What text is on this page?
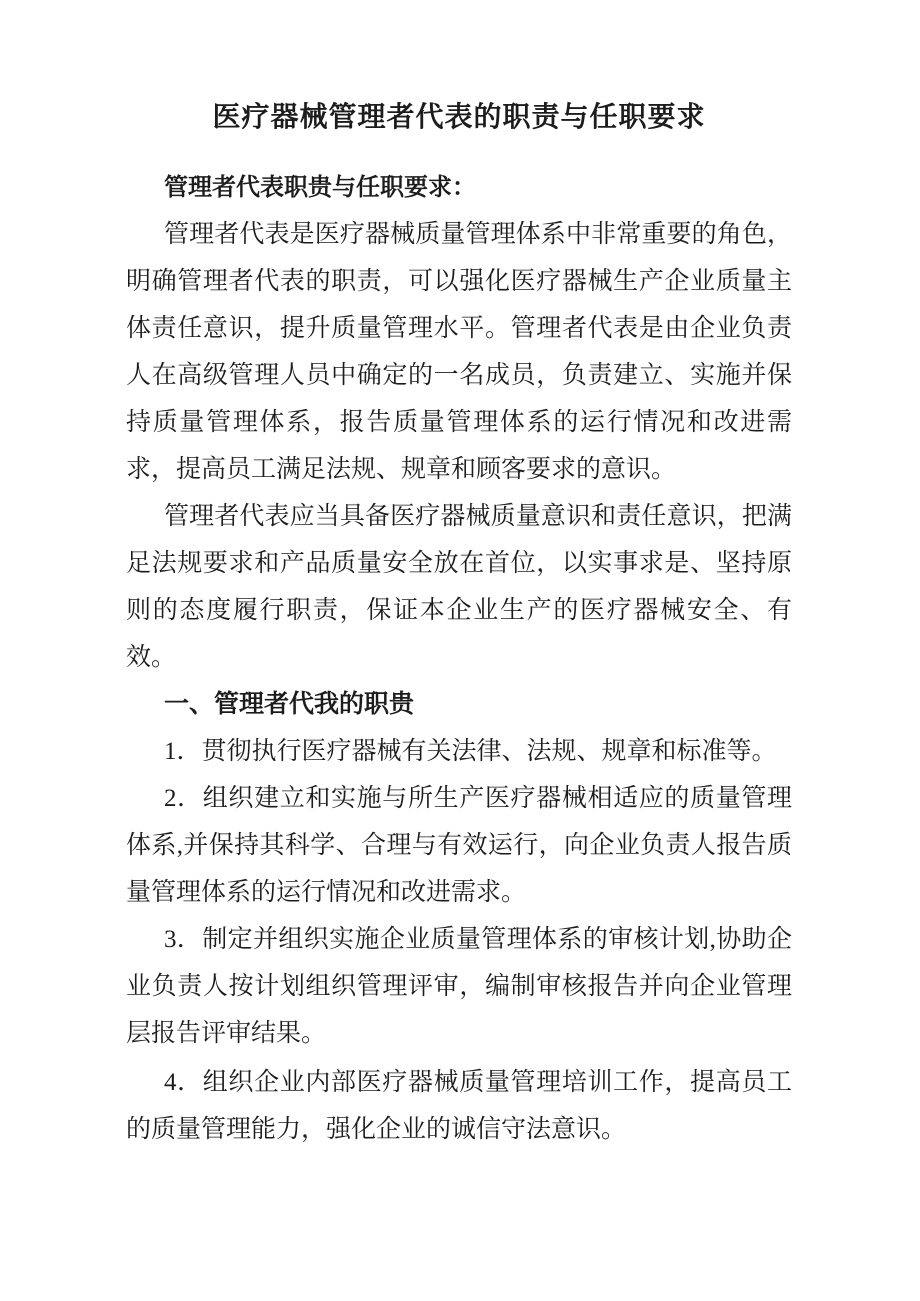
医疗器械管理者代表的职责与任职要求
管理者代表职贵与任职要求：

管理者代表是医疗器械质量管理体系中非常重要的角色，明确管理者代表的职责，可以强化医疗器械生产企业质量主体责任意识，提升质量管理水平。管理者代表是由企业负责人在高级管理人员中确定的一名成员，负责建立、实施并保持质量管理体系，报告质量管理体系的运行情况和改进需求，提高员工满足法规、规章和顾客要求的意识。

管理者代表应当具备医疗器械质量意识和责任意识，把满足法规要求和产品质量安全放在首位，以实事求是、坚持原则的态度履行职责，保证本企业生产的医疗器械安全、有效。

一、管理者代我的职贵

1．贯彻执行医疗器械有关法律、法规、规章和标准等。

2．组织建立和实施与所生产医疗器械相适应的质量管理体系,并保持其科学、合理与有效运行，向企业负责人报告质量管理体系的运行情况和改进需求。

3．制定并组织实施企业质量管理体系的审核计划,协助企业负责人按计划组织管理评审，编制审核报告并向企业管理层报告评审结果。

4．组织企业内部医疗器械质量管理培训工作，提高员工的质量管理能力，强化企业的诚信守法意识。
